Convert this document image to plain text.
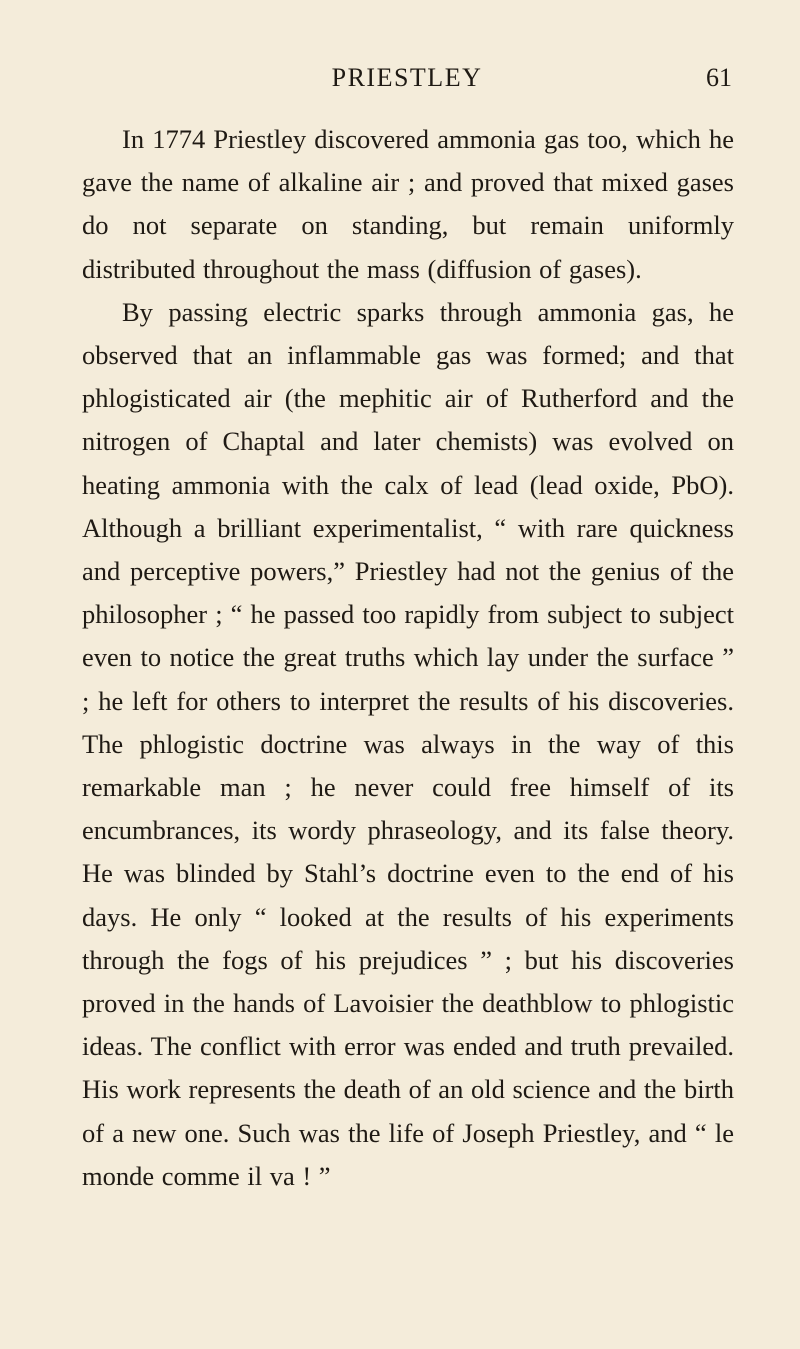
PRIESTLEY	61

In 1774 Priestley discovered ammonia gas too, which he gave the name of alkaline air ; and proved that mixed gases do not separate on standing, but remain uniformly distributed throughout the mass (diffusion of gases).

By passing electric sparks through ammonia gas, he observed that an inflammable gas was formed; and that phlogisticated air (the mephitic air of Rutherford and the nitrogen of Chaptal and later chemists) was evolved on heating ammonia with the calx of lead (lead oxide, PbO). Although a brilliant experimentalist, “ with rare quickness and perceptive powers,” Priestley had not the genius of the philosopher ; “ he passed too rapidly from subject to subject even to notice the great truths which lay under the surface ” ; he left for others to interpret the results of his discoveries. The phlogistic doctrine was always in the way of this remarkable man ; he never could free himself of its encumbrances, its wordy phraseology, and its false theory. He was blinded by Stahl’s doctrine even to the end of his days. He only “ looked at the results of his experiments through the fogs of his prejudices ” ; but his discoveries proved in the hands of Lavoisier the deathblow to phlogistic ideas. The conflict with error was ended and truth prevailed. His work represents the death of an old science and the birth of a new one. Such was the life of Joseph Priestley, and “ le monde comme il va ! ”
